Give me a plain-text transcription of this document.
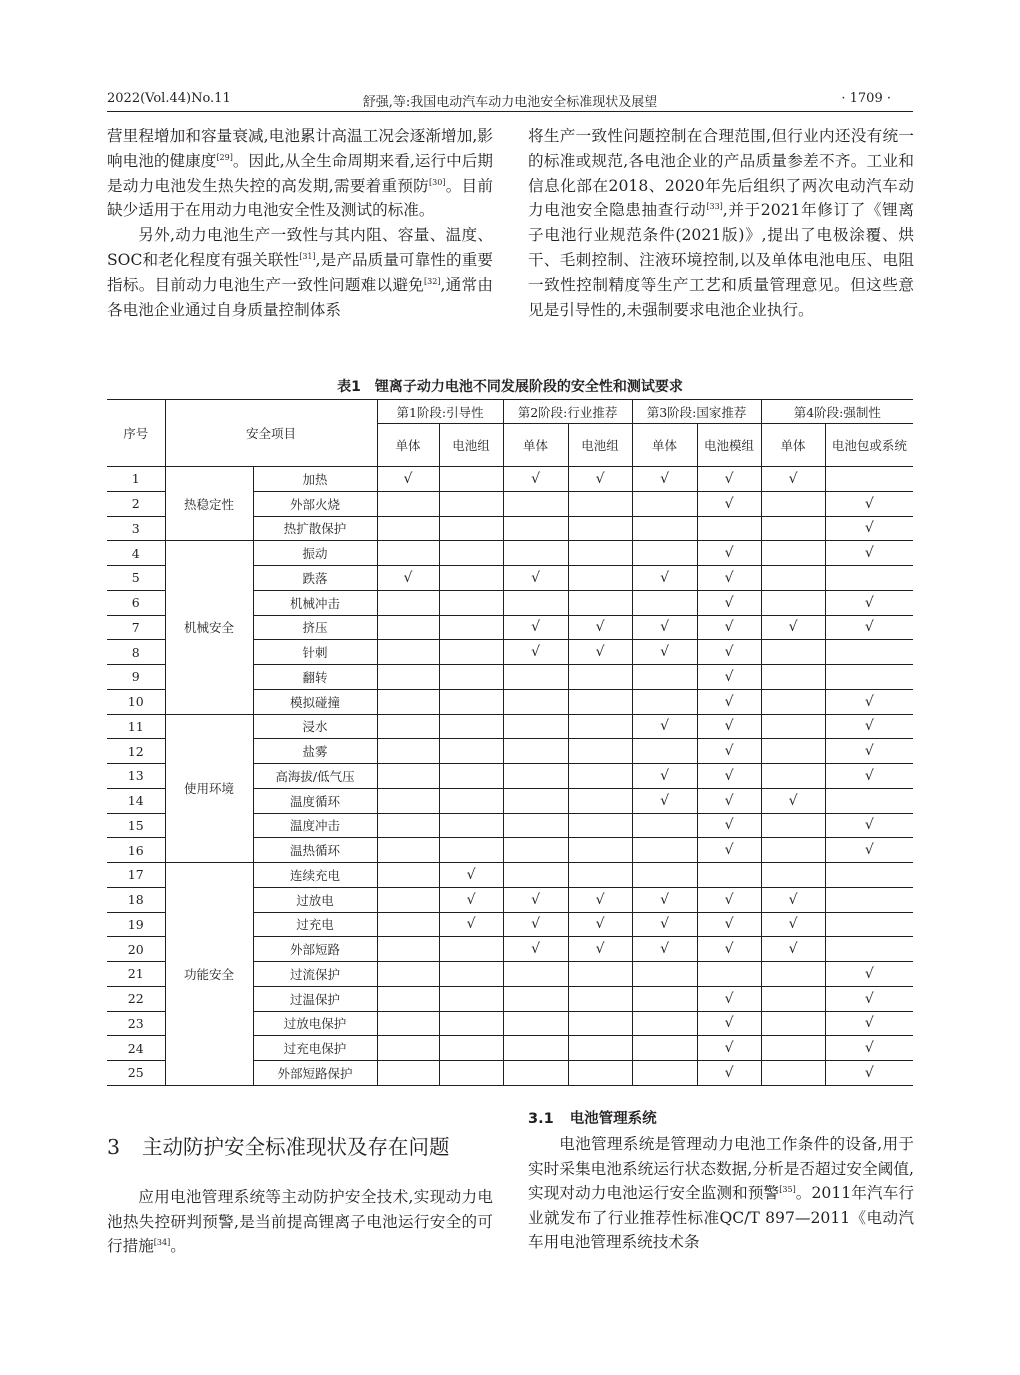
2022(Vol.44)No.11	舒强,等:我国电动汽车动力电池安全标准现状及展望	· 1709 ·

营里程增加和容量衰减,电池累计高温工况会逐渐增加,影响电池的健康度[29]。因此,从全生命周期来看,运行中后期是动力电池发生热失控的高发期,需要着重预防[30]。目前缺少适用于在用动力电池安全性及测试的标准。

另外,动力电池生产一致性与其内阻、容量、温度、SOC和老化程度有强关联性[31],是产品质量可靠性的重要指标。目前动力电池生产一致性问题难以避免[32],通常由各电池企业通过自身质量控制体系

将生产一致性问题控制在合理范围,但行业内还没有统一的标准或规范,各电池企业的产品质量参差不齐。工业和信息化部在2018、2020年先后组织了两次电动汽车动力电池安全隐患抽查行动[33],并于2021年修订了《锂离子电池行业规范条件(2021版)》,提出了电极涂覆、烘干、毛刺控制、注液环境控制,以及单体电池电压、电阻一致性控制精度等生产工艺和质量管理意见。但这些意见是引导性的,未强制要求电池企业执行。

表1　锂离子动力电池不同发展阶段的安全性和测试要求
序号	安全项目		第1阶段:引导性		第2阶段:行业推荐		第3阶段:国家推荐		第4阶段:强制性	
			单体	电池组	单体	电池组	单体	电池模组	单体	电池包或系统
1	热稳定性	加热	√		√	√	√	√	√	
2		外部火烧						√		√
3		热扩散保护								√
4	机械安全	振动						√		√
5		跌落	√		√		√	√		
6		机械冲击						√		√
7		挤压			√	√	√	√	√	√
8		针刺			√	√	√	√		
9		翻转						√		
10		模拟碰撞						√		√
11	使用环境	浸水					√	√		√
12		盐雾						√		√
13		高海拔/低气压					√	√		√
14		温度循环					√	√	√	
15		温度冲击						√		√
16		温热循环						√		√
17	功能安全	连续充电		√						
18		过放电		√	√	√	√	√	√	
19		过充电		√	√	√	√	√	√	
20		外部短路			√	√	√	√	√	
21		过流保护								√
22		过温保护						√		√
23		过放电保护						√		√
24		过充电保护						√		√
25		外部短路保护						√		√
3 主动防护安全标准现状及存在问题

应用电池管理系统等主动防护安全技术,实现动力电池热失控研判预警,是当前提高锂离子电池运行安全的可行措施[34]。

3.1 电池管理系统

电池管理系统是管理动力电池工作条件的设备,用于实时采集电池系统运行状态数据,分析是否超过安全阈值,实现对动力电池运行安全监测和预警[35]。2011年汽车行业就发布了行业推荐性标准QC/T 897—2011《电动汽车用电池管理系统技术条
